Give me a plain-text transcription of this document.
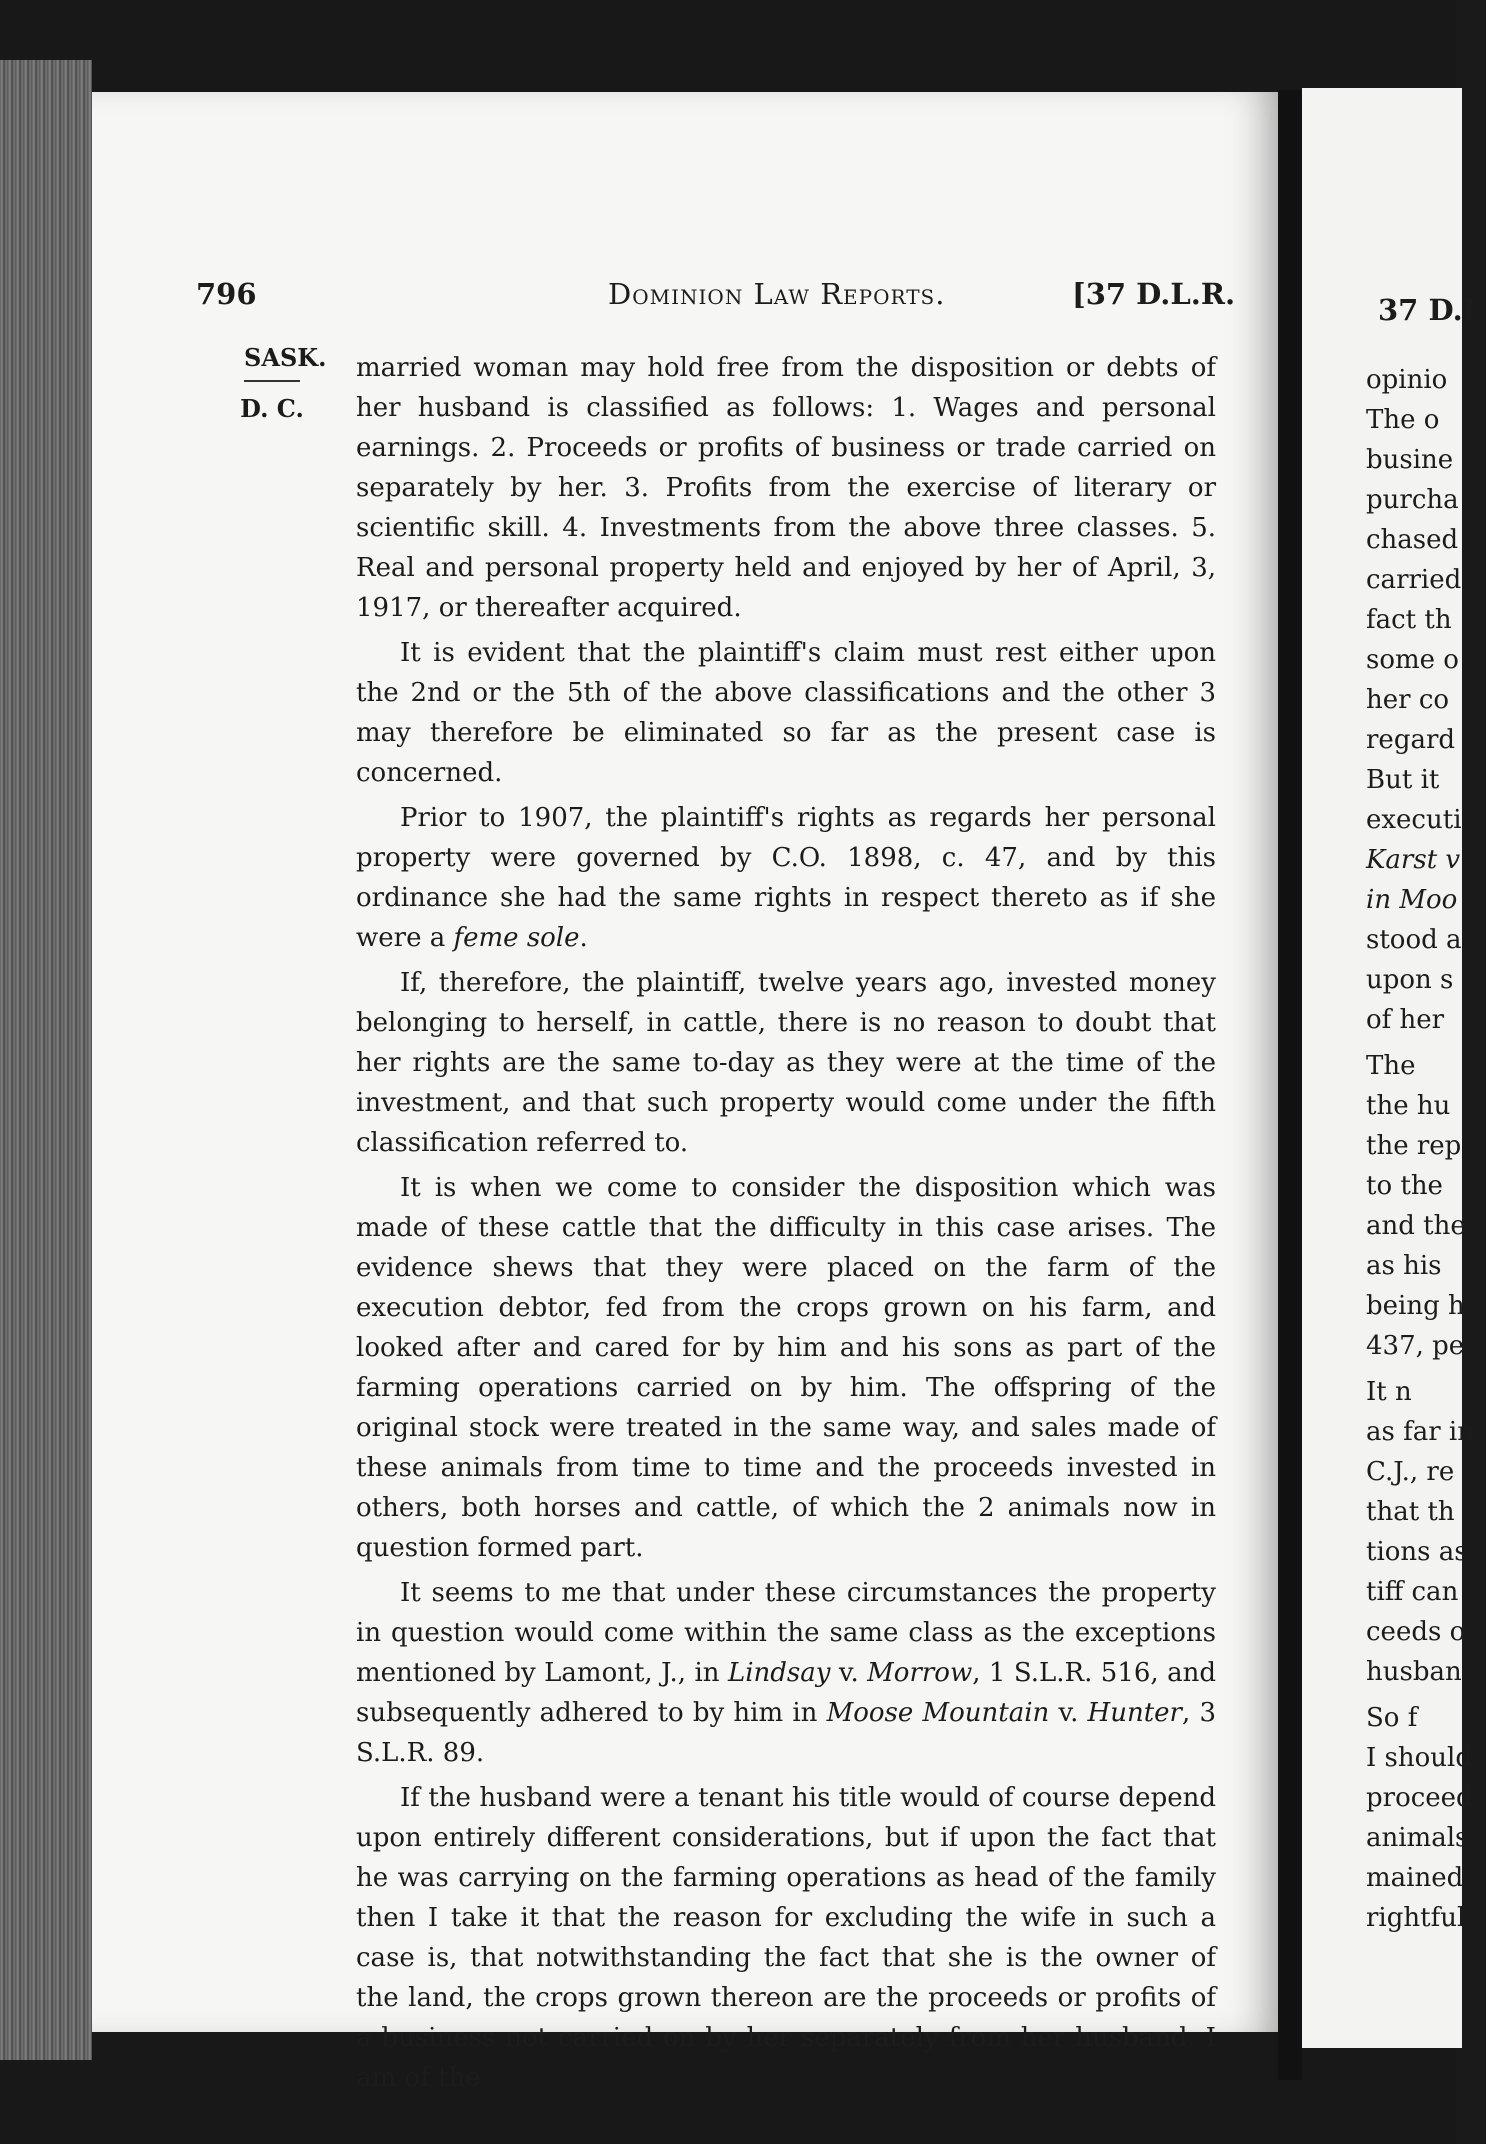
796	Dominion Law Reports.	[37 D.L.R.
SASK.
D. C.

married woman may hold free from the disposition or debts of her husband is classified as follows: 1. Wages and personal earnings. 2. Proceeds or profits of business or trade carried on separately by her. 3. Profits from the exercise of literary or scientific skill. 4. Investments from the above three classes. 5. Real and personal property held and enjoyed by her of April, 3, 1917, or thereafter acquired.

It is evident that the plaintiff's claim must rest either upon the 2nd or the 5th of the above classifications and the other 3 may therefore be eliminated so far as the present case is concerned.

Prior to 1907, the plaintiff's rights as regards her personal property were governed by C.O. 1898, c. 47, and by this ordinance she had the same rights in respect thereto as if she were a feme sole.

If, therefore, the plaintiff, twelve years ago, invested money belonging to herself, in cattle, there is no reason to doubt that her rights are the same to-day as they were at the time of the investment, and that such property would come under the fifth classification referred to.

It is when we come to consider the disposition which was made of these cattle that the difficulty in this case arises. The evidence shews that they were placed on the farm of the execution debtor, fed from the crops grown on his farm, and looked after and cared for by him and his sons as part of the farming operations carried on by him. The offspring of the original stock were treated in the same way, and sales made of these animals from time to time and the proceeds invested in others, both horses and cattle, of which the 2 animals now in question formed part.

It seems to me that under these circumstances the property in question would come within the same class as the exceptions mentioned by Lamont, J., in Lindsay v. Morrow, 1 S.L.R. 516, and subsequently adhered to by him in Moose Mountain v. Hunter, 3 S.L.R. 89.

If the husband were a tenant his title would of course depend upon entirely different considerations, but if upon the fact that he was carrying on the farming operations as head of the family then I take it that the reason for excluding the wife in such a case is, that notwithstanding the fact that she is the owner of the land, the crops grown thereon are the proceeds or profits of a business not carried on by her separately from her husband. I am of the

37 D.I
opinio
The o
busine
purcha
chased
carried
fact th
some o
her co
regard
But it
executi
Karst v
in Moo
stood a
upon s
of her
The
the hu
the rep
to the
and the
as his
being h
437, pe
It n
as far in
C.J., re
that th
tions as
tiff can
ceeds o
husban
So f
I should
proceed
animals
mained
rightful
